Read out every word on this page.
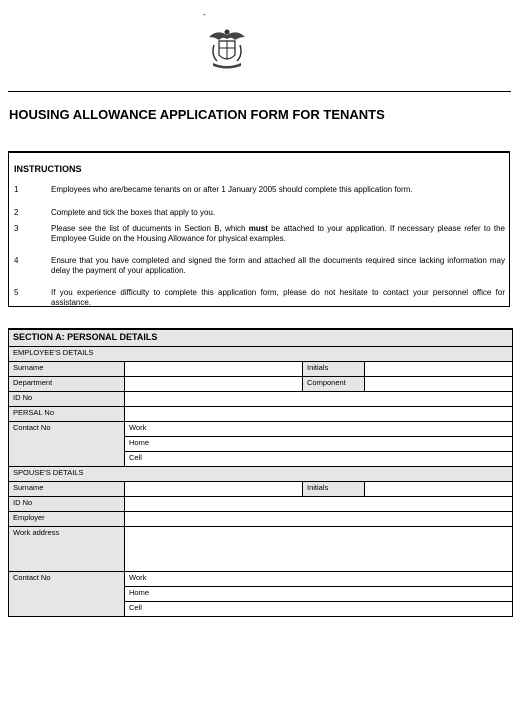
-
HOUSING ALLOWANCE APPLICATION FORM FOR TENANTS
INSTRUCTIONS
1	Employees who are/became tenants on or after 1 January 2005 should complete this application form.
2	Complete and tick the boxes that apply to you.
3	Please see the list of ducuments in Section B, which must be attached to your application. If necessary please refer to the Employee Guide on the Housing Allowance for physical examples.
4	Ensure that you have completed and signed the form and attached all the documents required since lacking information may delay the payment of your application.
5	If you experience difficulty to complete this application form, please do not hesitate to contact your personnel office for assistance.
SECTION A: PERSONAL DETAILS			
EMPLOYEE'S DETAILS			
Surname		Initials	
Department		Component	
ID No			
PERSAL No			
Contact No	Work		
	Home		
	Cell		
SPOUSE'S DETAILS			
Surname		Initials	
ID No			
Employer			
Work address			
Contact No	Work		
	Home		
	Cell		
